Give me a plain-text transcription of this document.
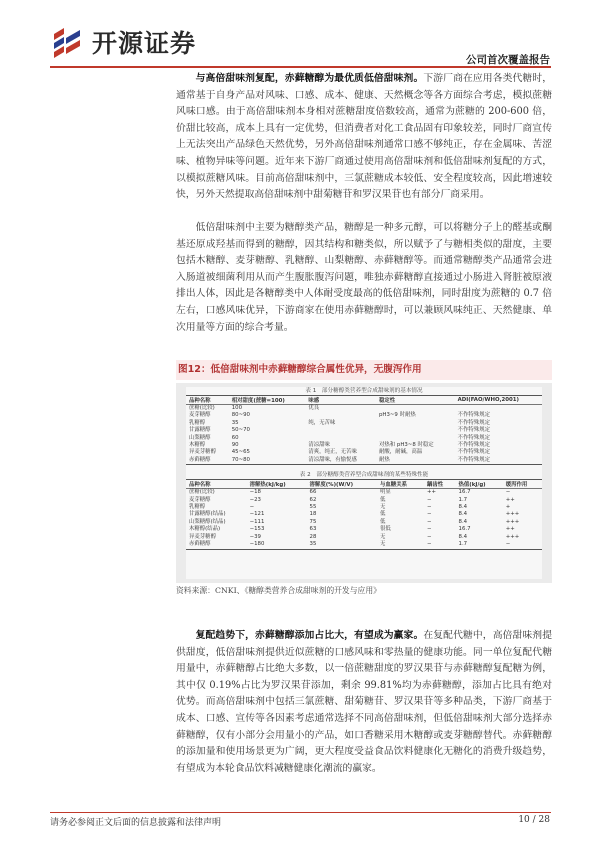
开源证券
公司首次覆盖报告

与高倍甜味剂复配，赤藓糖醇为最优质低倍甜味剂。下游厂商在应用各类代糖时，通常基于自身产品对风味、口感、成本、健康、天然概念等各方面综合考虑，模拟蔗糖风味口感。由于高倍甜味剂本身相对蔗糖甜度倍数较高，通常为蔗糖的 200-600 倍，价甜比较高，成本上具有一定优势，但消费者对化工食品固有印象较差，同时厂商宣传上无法突出产品绿色天然优势，另外高倍甜味剂通常口感不够纯正，存在金属味、苦涩味、植物异味等问题。近年来下游厂商通过使用高倍甜味剂和低倍甜味剂复配的方式，以模拟蔗糖风味。目前高倍甜味剂中，三氯蔗糖成本较低、安全程度较高，因此增速较快，另外天然提取高倍甜味剂中甜菊糖苷和罗汉果苷也有部分厂商采用。

低倍甜味剂中主要为糖醇类产品，糖醇是一种多元醇，可以将糖分子上的醛基或酮基还原成羟基而得到的糖醇，因其结构和糖类似，所以赋予了与糖相类似的甜度，主要包括木糖醇、麦芽糖醇、乳糖醇、山梨糖醇、赤藓糖醇等。而通常糖醇类产品通常会进入肠道被细菌利用从而产生腹胀腹泻问题，唯独赤藓糖醇直接通过小肠进入肾脏被原液排出人体，因此是各糖醇类中人体耐受度最高的低倍甜味剂，同时甜度为蔗糖的 0.7 倍左右，口感风味优异，下游商家在使用赤藓糖醇时，可以兼顾风味纯正、天然健康、单次用量等方面的综合考量。

图12：低倍甜味剂中赤藓糖醇综合属性优异，无腹泻作用
表 1　部分糖醇类营养型合成甜味剂的基本情况
品种名称	相对甜度(蔗糖=100)	味感	稳定性	ADI(FAO/WHO,2001)
蔗糖(比较)	100	优良		
麦芽糖醇	80~90		pH3~9 时耐热	不作特殊规定
乳糖醇	35	纯，无苦味		不作特殊规定
甘露糖醇	50~70			不作特殊规定
山梨糖醇	60			不作特殊规定
木糖醇	90	清凉甜味	对热和 pH3~8 时稳定	不作特殊规定
异麦芽糖醇	45~65	清爽，纯正，无苦味	耐酸，耐碱，高温	不作特殊规定
赤藓糖醇	70~80	清凉甜味，有愉悦感	耐热	不作特殊规定
表 2　部分糖醇类营养型合成甜味剂的某些特殊性能
品种名称	溶解热(kJ/kg)	溶解度(%)(W/V)	与血糖关系	龋齿性	热值(kJ/g)	缓泻作用
蔗糖(比较)	−18	66	明显	++	16.7	−
麦芽糖醇	−23	62	低	−	1.7	++
乳糖醇	−	55	无	−	8.4	+
甘露糖醇(结晶)	−121	18	低	−	8.4	+++
山梨糖醇(结晶)	−111	75	低	−	8.4	+++
木糖醇(结晶)	−153	63	很低	−	16.7	++
异麦芽糖醇	−39	28	无	−	8.4	+++
赤藓糖醇	−180	35	无	−	1.7	−
资料来源：CNKI、《糖醇类营养合成甜味剂的开发与应用》

复配趋势下，赤藓糖醇添加占比大，有望成为赢家。在复配代糖中，高倍甜味剂提供甜度，低倍甜味剂提供近似蔗糖的口感风味和零热量的健康功能。同一单位复配代糖用量中，赤藓糖醇占比绝大多数，以一倍蔗糖甜度的罗汉果苷与赤藓糖醇复配糖为例，其中仅 0.19%占比为罗汉果苷添加，剩余 99.81%均为赤藓糖醇，添加占比具有绝对优势。而高倍甜味剂中包括三氯蔗糖、甜菊糖苷、罗汉果苷等多种品类，下游厂商基于成本、口感、宣传等各因素考虑通常选择不同高倍甜味剂，但低倍甜味剂大部分选择赤藓糖醇，仅有小部分会用量小的产品，如口香糖采用木糖醇或麦芽糖醇替代。赤藓糖醇的添加量和使用场景更为广阔，更大程度受益食品饮料健康化无糖化的消费升级趋势，有望成为本轮食品饮料减糖健康化潮流的赢家。

请务必参阅正文后面的信息披露和法律声明	10 / 28
